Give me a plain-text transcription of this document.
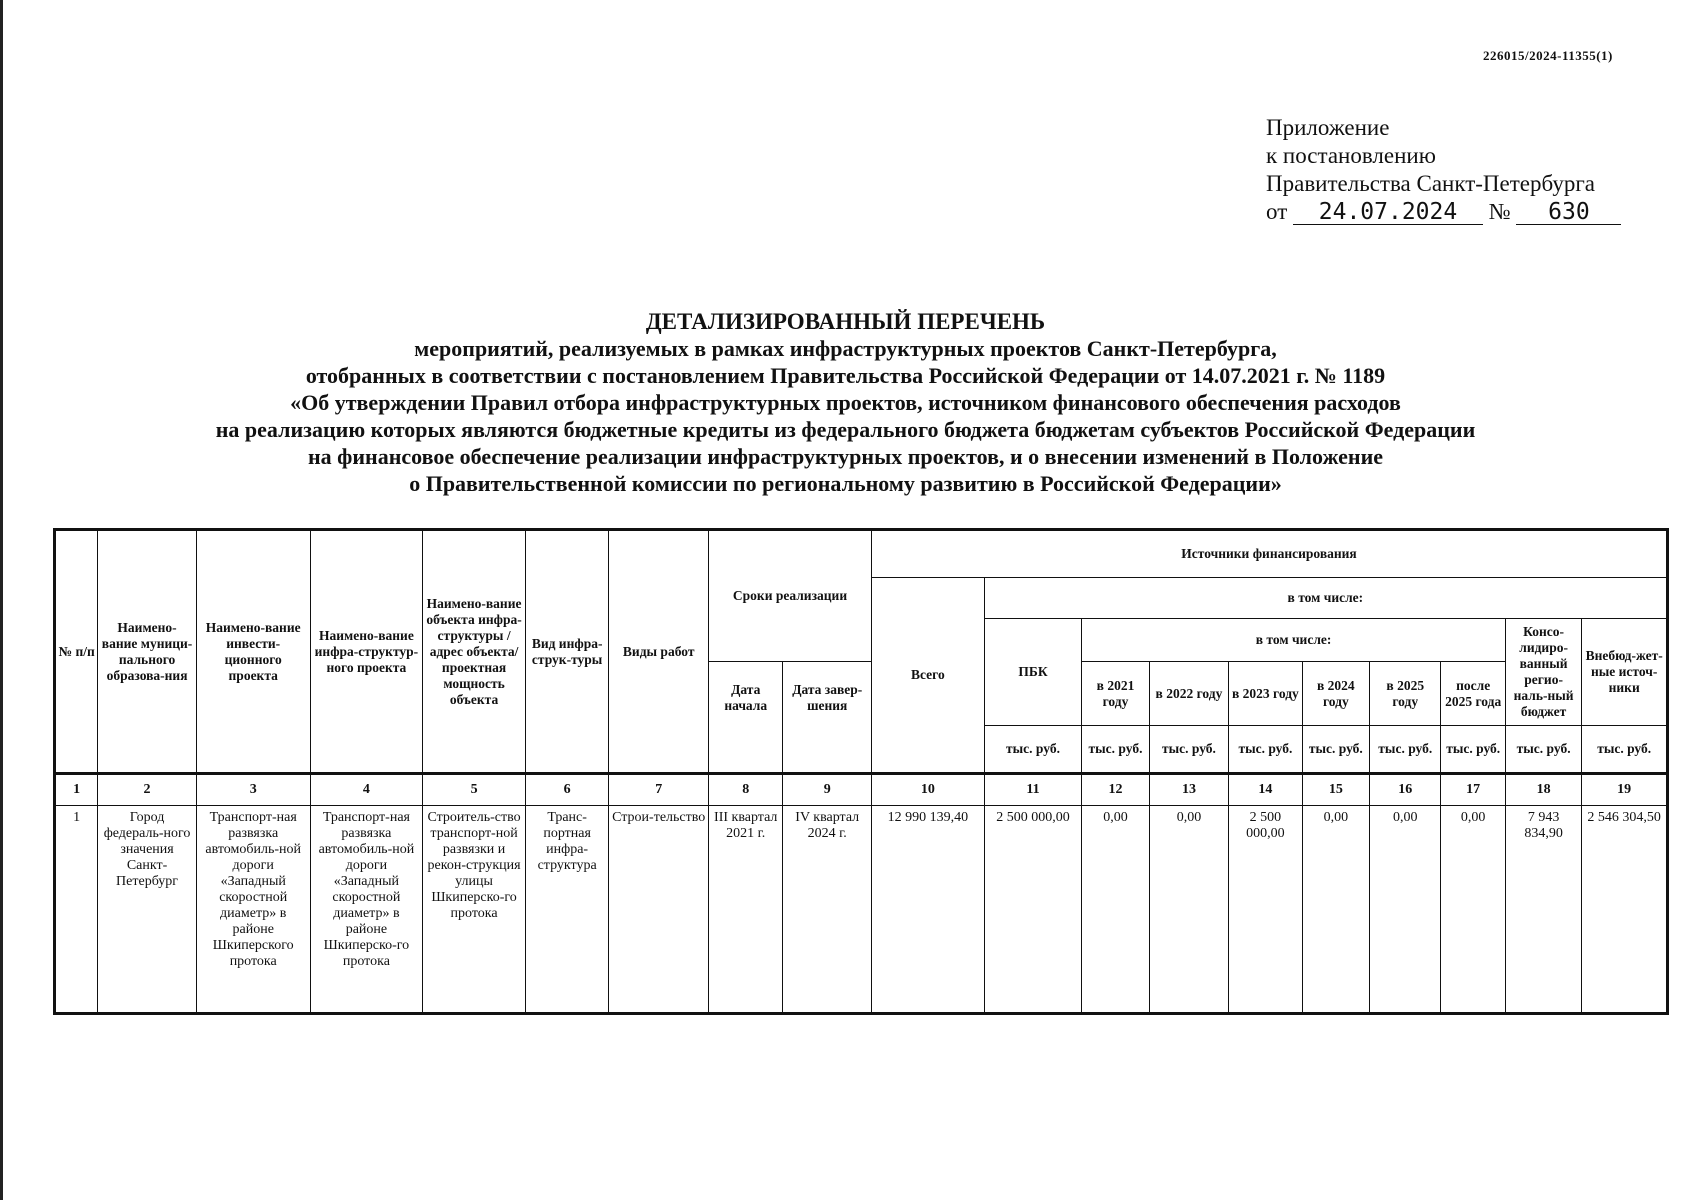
226015/2024-11355(1)
Приложение
к постановлению
Правительства Санкт-Петербурга
от 24.07.2024 № 630
ДЕТАЛИЗИРОВАННЫЙ ПЕРЕЧЕНЬ
мероприятий, реализуемых в рамках инфраструктурных проектов Санкт-Петербурга,
отобранных в соответствии с постановлением Правительства Российской Федерации от 14.07.2021 г. № 1189
«Об утверждении Правил отбора инфраструктурных проектов, источником финансового обеспечения расходов
на реализацию которых являются бюджетные кредиты из федерального бюджета бюджетам субъектов Российской Федерации
на финансовое обеспечение реализации инфраструктурных проектов, и о внесении изменений в Положение
о Правительственной комиссии по региональному развитию в Российской Федерации»
№ п/п	Наимено-вание муници-пального образова-ния	Наимено-вание инвести-ционного проекта	Наимено-вание инфра-структур-ного проекта	Наимено-вание объекта инфра-структуры / адрес объекта/ проектная мощность объекта	Вид инфра-струк-туры	Виды работ	Сроки реализации		Источники финансирования									
									Всего	в том числе:								
										ПБК	в том числе:						Консо-лидиро-ванный регио-наль-ный бюджет	Внебюд-жет-ные источ-ники
							Дата начала	Дата завер-шения			в 2021 году	в 2022 году	в 2023 году	в 2024 году	в 2025 году	после 2025 года		
										тыс. руб.	тыс. руб.	тыс. руб.	тыс. руб.	тыс. руб.	тыс. руб.	тыс. руб.	тыс. руб.	тыс. руб.
1	2	3	4	5	6	7	8	9	10	11	12	13	14	15	16	17	18	19
1	Город федераль-ного значения Санкт-Петербург	Транспорт-ная развязка автомобиль-ной дороги «Западный скоростной диаметр» в районе Шкиперского протока	Транспорт-ная развязка автомобиль-ной дороги «Западный скоростной диаметр» в районе Шкиперско-го протока	Строитель-ство транспорт-ной развязки и рекон-струкция улицы Шкиперско-го протока	Транс-портная инфра-структура	Строи-тельство	III квартал 2021 г.	IV квартал 2024 г.	12 990 139,40	2 500 000,00	0,00	0,00	2 500 000,00	0,00	0,00	0,00	7 943 834,90	2 546 304,50
